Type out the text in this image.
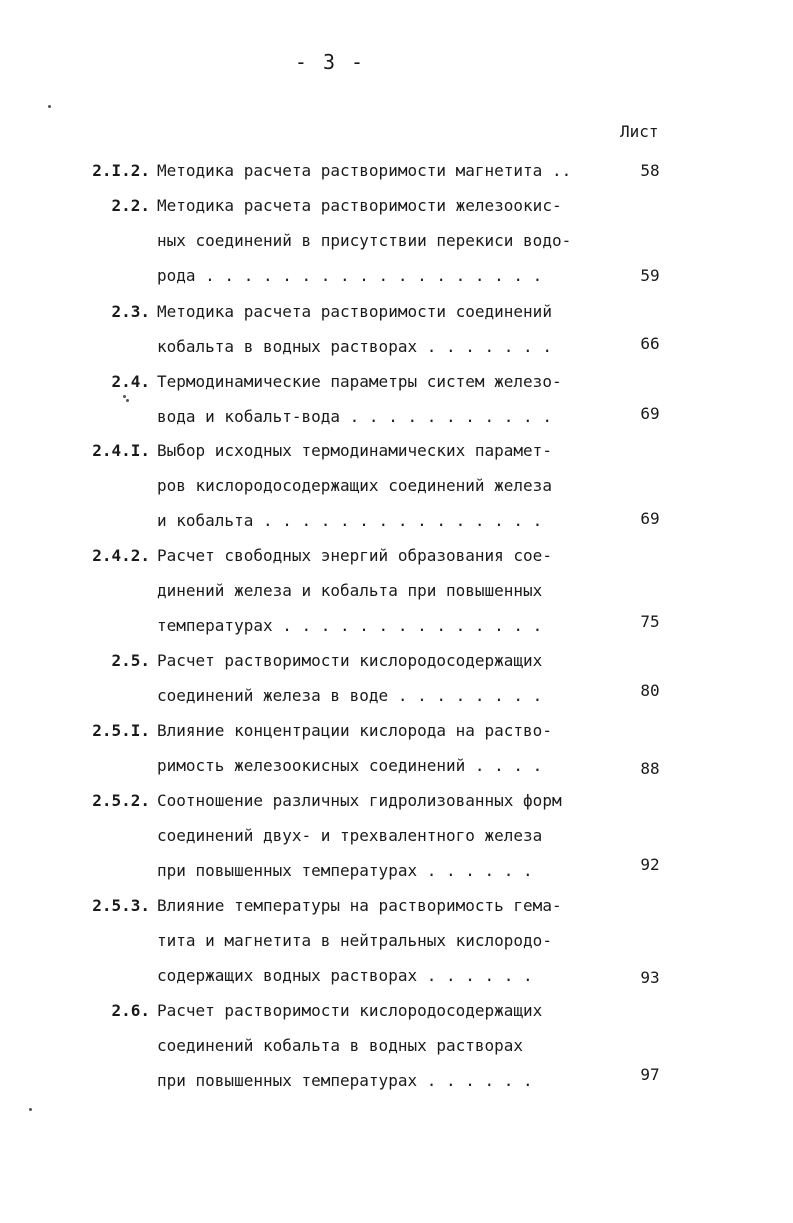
- 3 -
Лист
2.I.2. Методика расчета растворимости магнетита ..	58
2.2. Методика расчета растворимости железоокис-
ных соединений в присутствии перекиси водо-
рода . . . . . . . . . . . . . . . . . .	59
2.3. Методика расчета растворимости соединений
кобальта в водных растворах . . . . . . .	66
2.4. Термодинамические параметры систем железо-
вода и кобальт-вода . . . . . . . . . . .	69
2.4.I. Выбор исходных термодинамических парамет-
ров кислородосодержащих соединений железа
и кобальта . . . . . . . . . . . . . . .	69
2.4.2. Расчет свободных энергий образования сое-
динений железа и кобальта при повышенных
температурах . . . . . . . . . . . . . .	75
2.5. Расчет растворимости кислородосодержащих
соединений железа в воде . . . . . . . .	80
2.5.I. Влияние концентрации кислорода на раство-
римость железоокисных соединений . . . .	88
2.5.2. Соотношение различных гидролизованных форм
соединений двух- и трехвалентного железа
при повышенных температурах . . . . . .	92
2.5.3. Влияние температуры на растворимость гема-
тита и магнетита в нейтральных кислородо-
содержащих водных растворах . . . . . .	93
2.6. Расчет растворимости кислородосодержащих
соединений кобальта в водных растворах
при повышенных температурах . . . . . .	97
